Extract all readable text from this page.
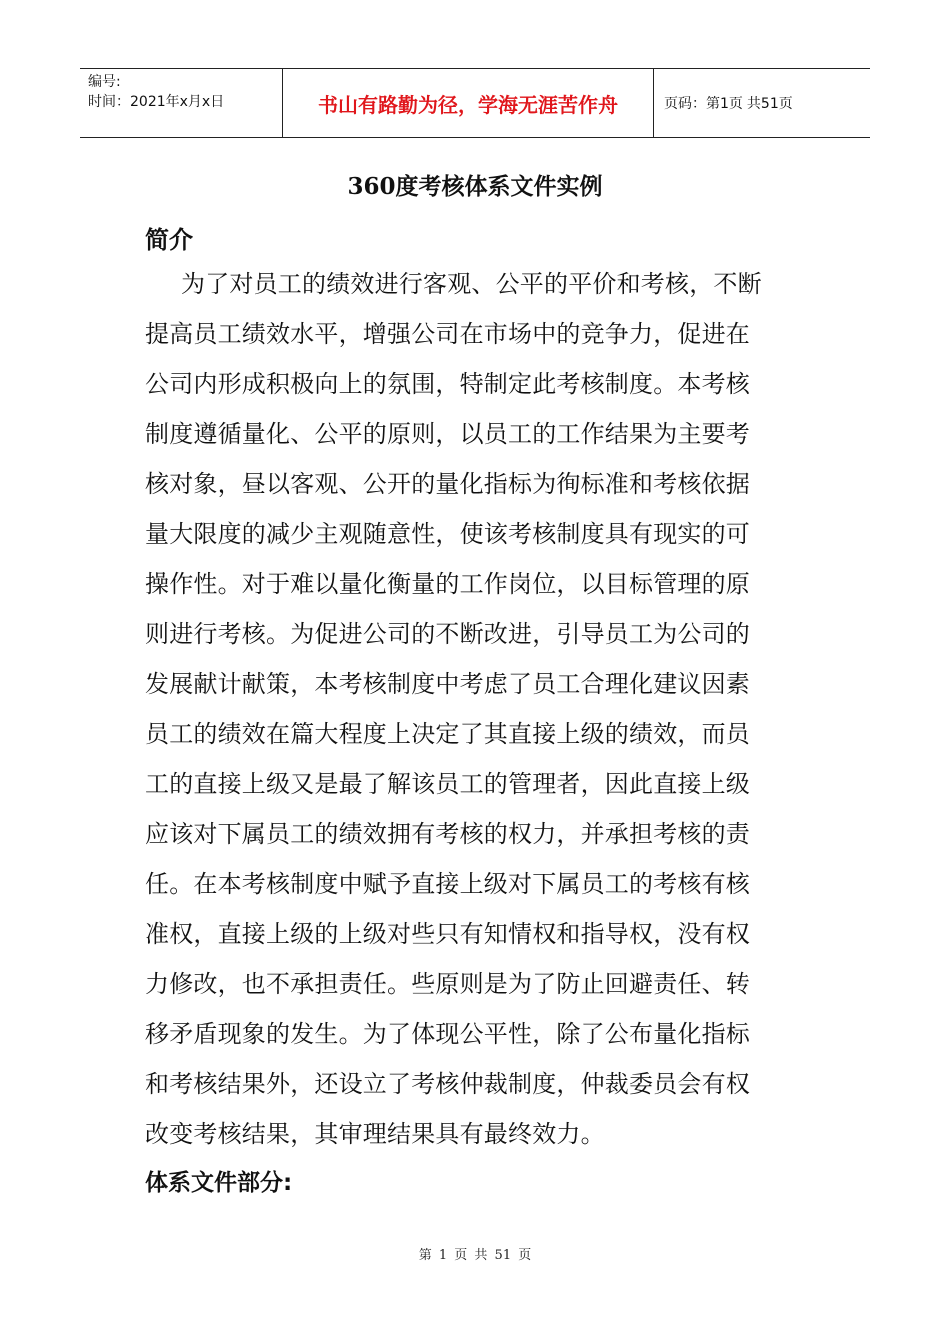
编号:
时间：2021年x月x日	书山有路勤为径，学海无涯苦作舟	页码：第1页 共51页
360度考核体系文件实例
简介
为了对员工的绩效进行客观、公平的平价和考核，不断
提高员工绩效水平，增强公司在市场中的竞争力，促进在
公司内形成积极向上的氛围，特制定此考核制度。本考核
制度遵循量化、公平的原则，以员工的工作结果为主要考
核对象，昼以客观、公开的量化指标为徇标准和考核依据
量大限度的减少主观随意性，使该考核制度具有现实的可
操作性。对于难以量化衡量的工作岗位，以目标管理的原
则进行考核。为促进公司的不断改进，引导员工为公司的
发展献计献策，本考核制度中考虑了员工合理化建议因素
员工的绩效在篇大程度上决定了其直接上级的绩效，而员
工的直接上级又是最了解该员工的管理者，因此直接上级
应该对下属员工的绩效拥有考核的权力，并承担考核的责
任。在本考核制度中赋予直接上级对下属员工的考核有核
准权，直接上级的上级对些只有知情权和指导权，没有权
力修改，也不承担责任。些原则是为了防止回避责任、转
移矛盾现象的发生。为了体现公平性，除了公布量化指标
和考核结果外，还设立了考核仲裁制度，仲裁委员会有权
改变考核结果，其审理结果具有最终效力。
体系文件部分:
第 1 页 共 51 页
